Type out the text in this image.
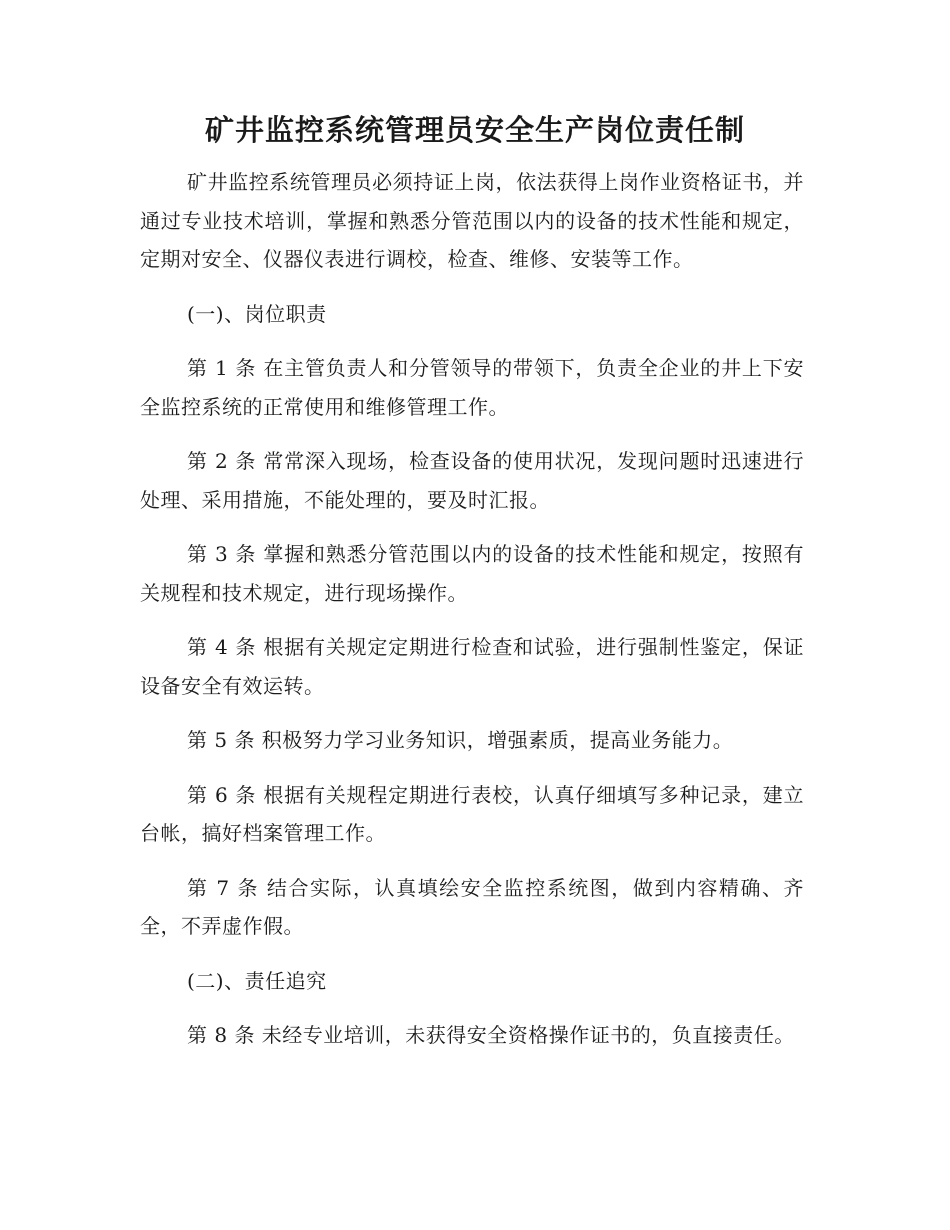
矿井监控系统管理员安全生产岗位责任制

矿井监控系统管理员必须持证上岗，依法获得上岗作业资格证书，并通过专业技术培训，掌握和熟悉分管范围以内的设备的技术性能和规定，定期对安全、仪器仪表进行调校，检查、维修、安装等工作。

(一)、岗位职责

第 1 条 在主管负责人和分管领导的带领下，负责全企业的井上下安全监控系统的正常使用和维修管理工作。

第 2 条 常常深入现场，检查设备的使用状况，发现问题时迅速进行处理、采用措施，不能处理的，要及时汇报。

第 3 条 掌握和熟悉分管范围以内的设备的技术性能和规定，按照有关规程和技术规定，进行现场操作。

第 4 条 根据有关规定定期进行检查和试验，进行强制性鉴定，保证设备安全有效运转。

第 5 条 积极努力学习业务知识，增强素质，提高业务能力。

第 6 条 根据有关规程定期进行表校，认真仔细填写多种记录，建立台帐，搞好档案管理工作。

第 7 条 结合实际，认真填绘安全监控系统图，做到内容精确、齐全，不弄虚作假。

(二)、责任追究

第 8 条 未经专业培训，未获得安全资格操作证书的，负直接责任。
